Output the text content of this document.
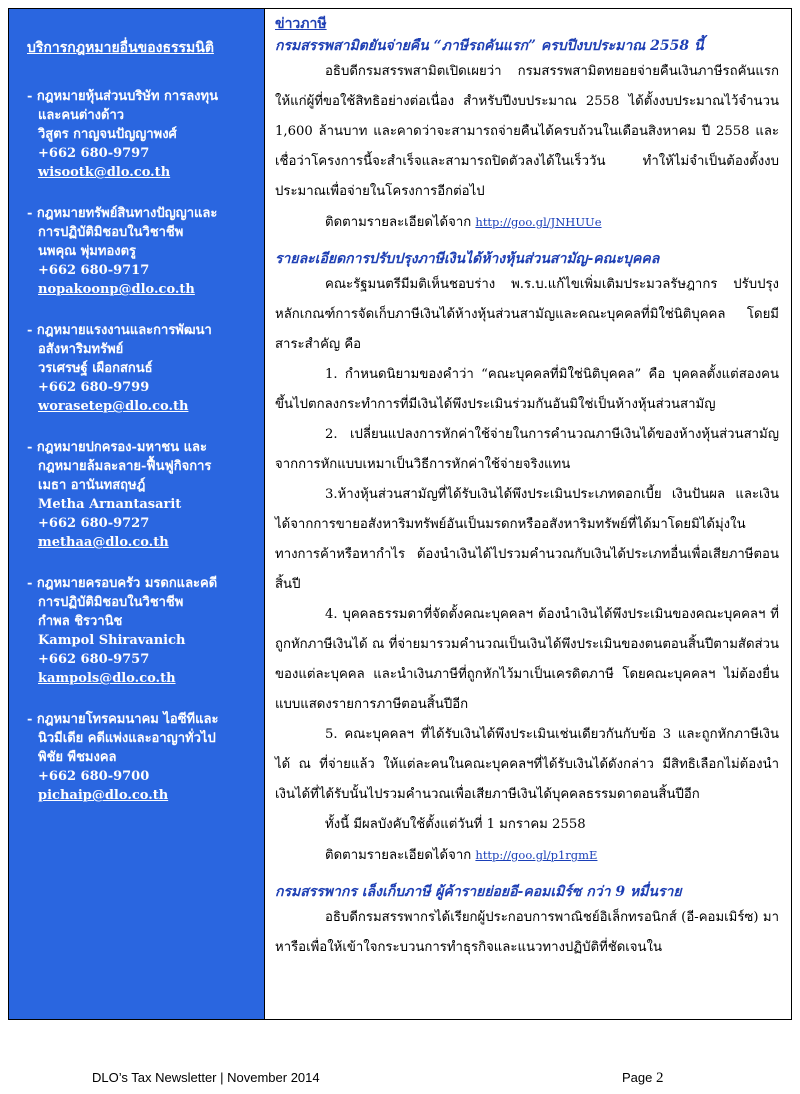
บริการกฎหมายอื่นของธรรมนิติ
- กฎหมายหุ้นส่วนบริษัท การลงทุน
และคนต่างด้าว
วิสูตร กาญจนปัญญาพงศ์
+662 680-9797
wisootk@dlo.co.th
- กฎหมายทรัพย์สินทางปัญญาและ
การปฏิบัติมิชอบในวิชาชีพ
นพคุณ พุ่มทองตรู
+662 680-9717
nopakoonp@dlo.co.th
- กฎหมายแรงงานและการพัฒนา
อสังหาริมทรัพย์
วรเศรษฐ์ เผือกสกนธ์
+662 680-9799
worasetep@dlo.co.th
- กฎหมายปกครอง-มหาชน และ
กฎหมายล้มละลาย-ฟื้นฟูกิจการ
เมธา อานันทสฤษฎ์
Metha Arnantasarit
+662 680-9727
methaa@dlo.co.th
- กฎหมายครอบครัว มรดกและคดี
การปฏิบัติมิชอบในวิชาชีพ
กำพล ชิรวานิช
Kampol Shiravanich
+662 680-9757
kampols@dlo.co.th
- กฎหมายโทรคมนาคม ไอซีทีและ
นิวมีเดีย คดีแพ่งและอาญาทั่วไป
พิชัย พืชมงคล
+662 680-9700
pichaip@dlo.co.th

ข่าวภาษี

กรมสรรพสามิตยันจ่ายคืน “ภาษีรถคันแรก” ครบปีงบประมาณ 2558 นี้

อธิบดีกรมสรรพสามิตเปิดเผยว่า กรมสรรพสามิตทยอยจ่ายคืนเงินภาษีรถคันแรกให้แก่ผู้ที่ขอใช้สิทธิอย่างต่อเนื่อง สำหรับปีงบประมาณ 2558 ได้ตั้งงบประมาณไว้จำนวน 1,600 ล้านบาท และคาดว่าจะสามารถจ่ายคืนได้ครบถ้วนในเดือนสิงหาคม ปี 2558 และเชื่อว่าโครงการนี้จะสำเร็จและสามารถปิดตัวลงได้ในเร็ววัน ทำให้ไม่จำเป็นต้องตั้งงบประมาณเพื่อจ่ายในโครงการอีกต่อไป

ติดตามรายละเอียดได้จาก http://goo.gl/JNHUUe

รายละเอียดการปรับปรุงภาษีเงินได้ห้างหุ้นส่วนสามัญ-คณะบุคคล

คณะรัฐมนตรีมีมติเห็นชอบร่าง พ.ร.บ.แก้ไขเพิ่มเติมประมวลรัษฎากร ปรับปรุงหลักเกณฑ์การจัดเก็บภาษีเงินได้ห้างหุ้นส่วนสามัญและคณะบุคคลที่มิใช่นิติบุคคล โดยมีสาระสำคัญ คือ

1. กำหนดนิยามของคำว่า “คณะบุคคลที่มิใช่นิติบุคคล” คือ บุคคลตั้งแต่สองคนขึ้นไปตกลงกระทำการที่มีเงินได้พึงประเมินร่วมกันอันมิใช่เป็นห้างหุ้นส่วนสามัญ

2. เปลี่ยนแปลงการหักค่าใช้จ่ายในการคำนวณภาษีเงินได้ของห้างหุ้นส่วนสามัญ จากการหักแบบเหมาเป็นวิธีการหักค่าใช้จ่ายจริงแทน

3.ห้างหุ้นส่วนสามัญที่ได้รับเงินได้พึงประเมินประเภทดอกเบี้ย เงินปันผล และเงินได้จากการขายอสังหาริมทรัพย์อันเป็นมรดกหรืออสังหาริมทรัพย์ที่ได้มาโดยมิได้มุ่งในทางการค้าหรือหากำไร ต้องนำเงินได้ไปรวมคำนวณกับเงินได้ประเภทอื่นเพื่อเสียภาษีตอนสิ้นปี

4. บุคคลธรรมดาที่จัดตั้งคณะบุคคลฯ ต้องนำเงินได้พึงประเมินของคณะบุคคลฯ ที่ถูกหักภาษีเงินได้ ณ ที่จ่ายมารวมคำนวณเป็นเงินได้พึงประเมินของตนตอนสิ้นปีตามสัดส่วนของแต่ละบุคคล และนำเงินภาษีที่ถูกหักไว้มาเป็นเครดิตภาษี โดยคณะบุคคลฯ ไม่ต้องยื่นแบบแสดงรายการภาษีตอนสิ้นปีอีก

5. คณะบุคคลฯ ที่ได้รับเงินได้พึงประเมินเช่นเดียวกันกับข้อ 3 และถูกหักภาษีเงินได้ ณ ที่จ่ายแล้ว ให้แต่ละคนในคณะบุคคลฯที่ได้รับเงินได้ดังกล่าว มีสิทธิเลือกไม่ต้องนำเงินได้ที่ได้รับนั้นไปรวมคำนวณเพื่อเสียภาษีเงินได้บุคคลธรรมดาตอนสิ้นปีอีก

ทั้งนี้ มีผลบังคับใช้ตั้งแต่วันที่ 1 มกราคม 2558

ติดตามรายละเอียดได้จาก http://goo.gl/p1rgmE

กรมสรรพากร เล็งเก็บภาษี ผู้ค้ารายย่อยอี-คอมเมิร์ซ กว่า 9 หมื่นราย

อธิบดีกรมสรรพากรได้เรียกผู้ประกอบการพาณิชย์อิเล็กทรอนิกส์ (อี-คอมเมิร์ซ) มาหารือเพื่อให้เข้าใจกระบวนการทำธุรกิจและแนวทางปฏิบัติที่ชัดเจนใน

DLO’s Tax Newsletter | November 2014	Page 2
